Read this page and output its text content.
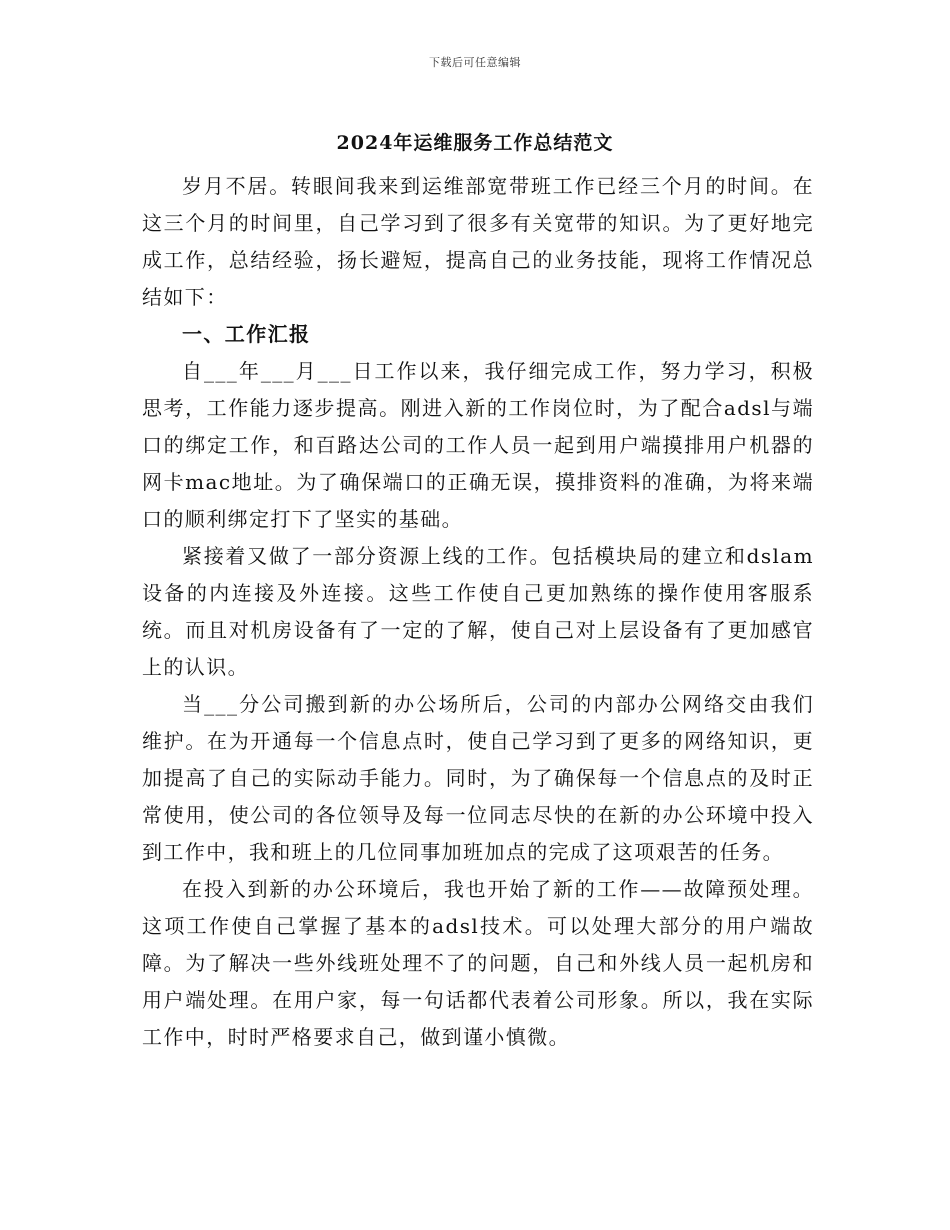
下载后可任意编辑
2024年运维服务工作总结范文

岁月不居。转眼间我来到运维部宽带班工作已经三个月的时间。在这三个月的时间里，自己学习到了很多有关宽带的知识。为了更好地完成工作，总结经验，扬长避短，提高自己的业务技能，现将工作情况总结如下：

一、工作汇报

自___年___月___日工作以来，我仔细完成工作，努力学习，积极思考，工作能力逐步提高。刚进入新的工作岗位时，为了配合adsl与端口的绑定工作，和百路达公司的工作人员一起到用户端摸排用户机器的网卡mac地址。为了确保端口的正确无误，摸排资料的准确，为将来端口的顺利绑定打下了坚实的基础。

紧接着又做了一部分资源上线的工作。包括模块局的建立和dslam设备的内连接及外连接。这些工作使自己更加熟练的操作使用客服系统。而且对机房设备有了一定的了解，使自己对上层设备有了更加感官上的认识。

当___分公司搬到新的办公场所后，公司的内部办公网络交由我们维护。在为开通每一个信息点时，使自己学习到了更多的网络知识，更加提高了自己的实际动手能力。同时，为了确保每一个信息点的及时正常使用，使公司的各位领导及每一位同志尽快的在新的办公环境中投入到工作中，我和班上的几位同事加班加点的完成了这项艰苦的任务。

在投入到新的办公环境后，我也开始了新的工作——故障预处理。这项工作使自己掌握了基本的adsl技术。可以处理大部分的用户端故障。为了解决一些外线班处理不了的问题，自己和外线人员一起机房和用户端处理。在用户家，每一句话都代表着公司形象。所以，我在实际工作中，时时严格要求自己，做到谨小慎微。
